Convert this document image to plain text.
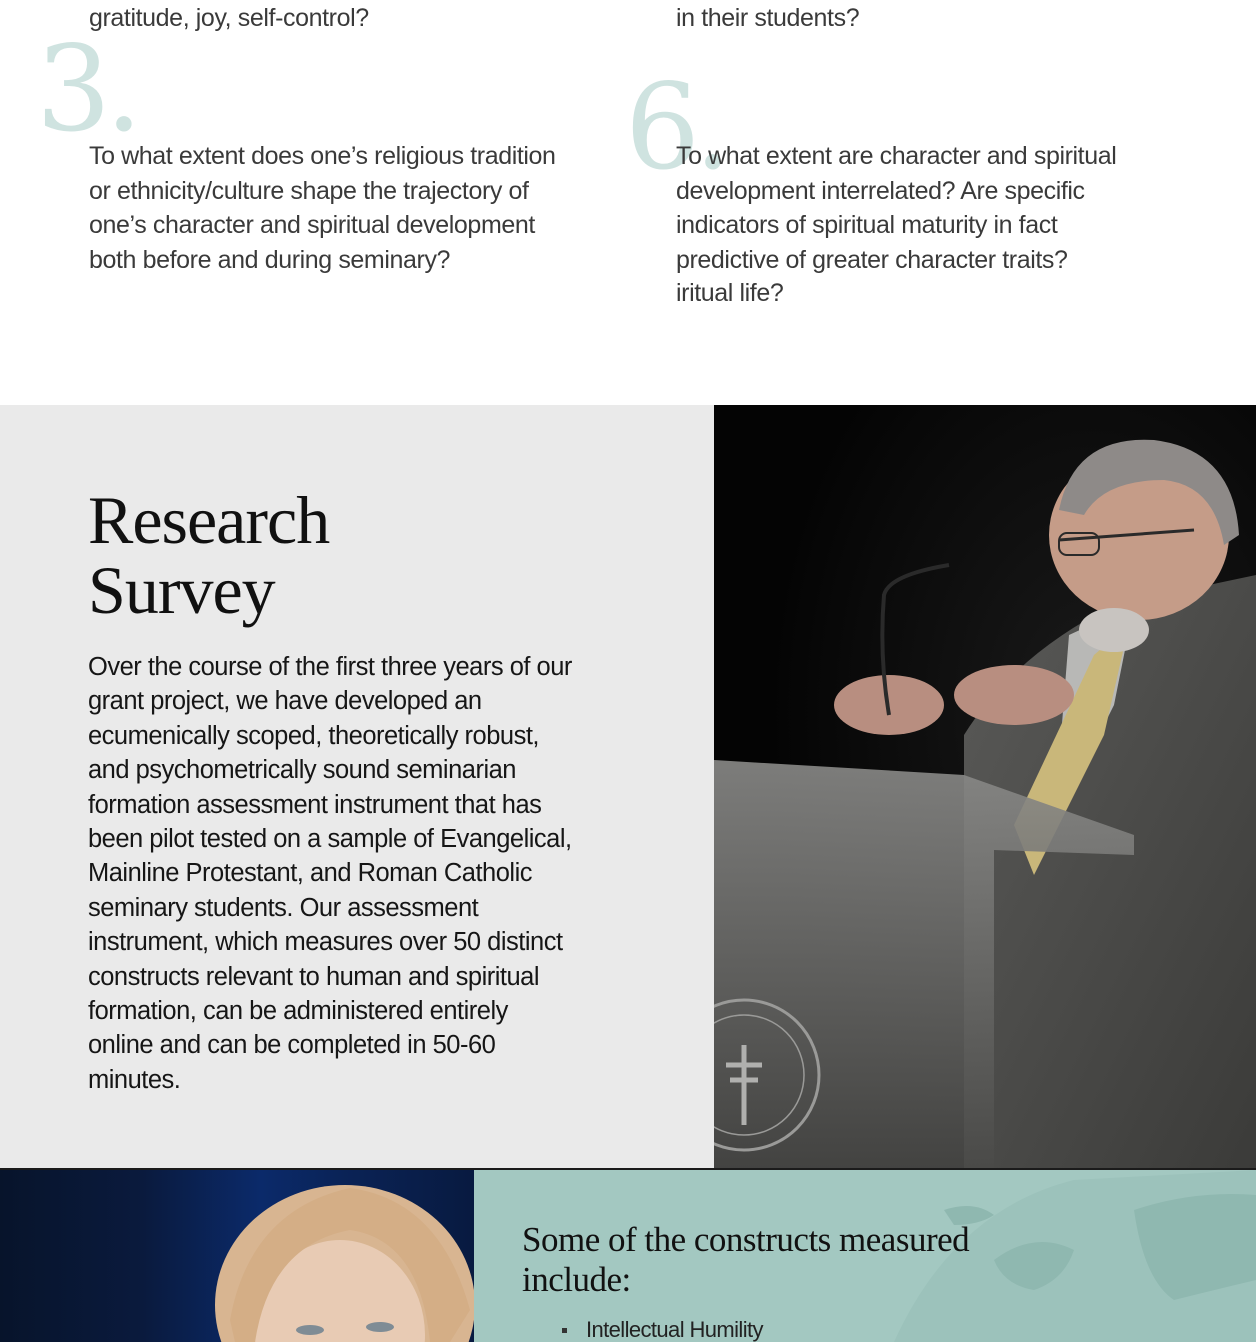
gratitude, joy, self-control?

3.

To what extent does one’s religious tradition or ethnicity/culture shape the trajectory of one’s character and spiritual development both before and during seminary?

in their students?

6.

To what extent are character and spiritual development interrelated? Are specific indicators of spiritual maturity in fact predictive of greater character traits?

iritual life?

Research
Survey

Over the course of the first three years of our grant project, we have developed an ecumenically scoped, theoretically robust, and psychometrically sound seminarian formation assessment instrument that has been pilot tested on a sample of Evangelical, Mainline Protestant, and Roman Catholic seminary students. Our assessment instrument, which measures over 50 distinct constructs relevant to human and spiritual formation, can be administered entirely online and can be completed in 50-60 minutes.

Some of the constructs measured include:
Intellectual Humility
